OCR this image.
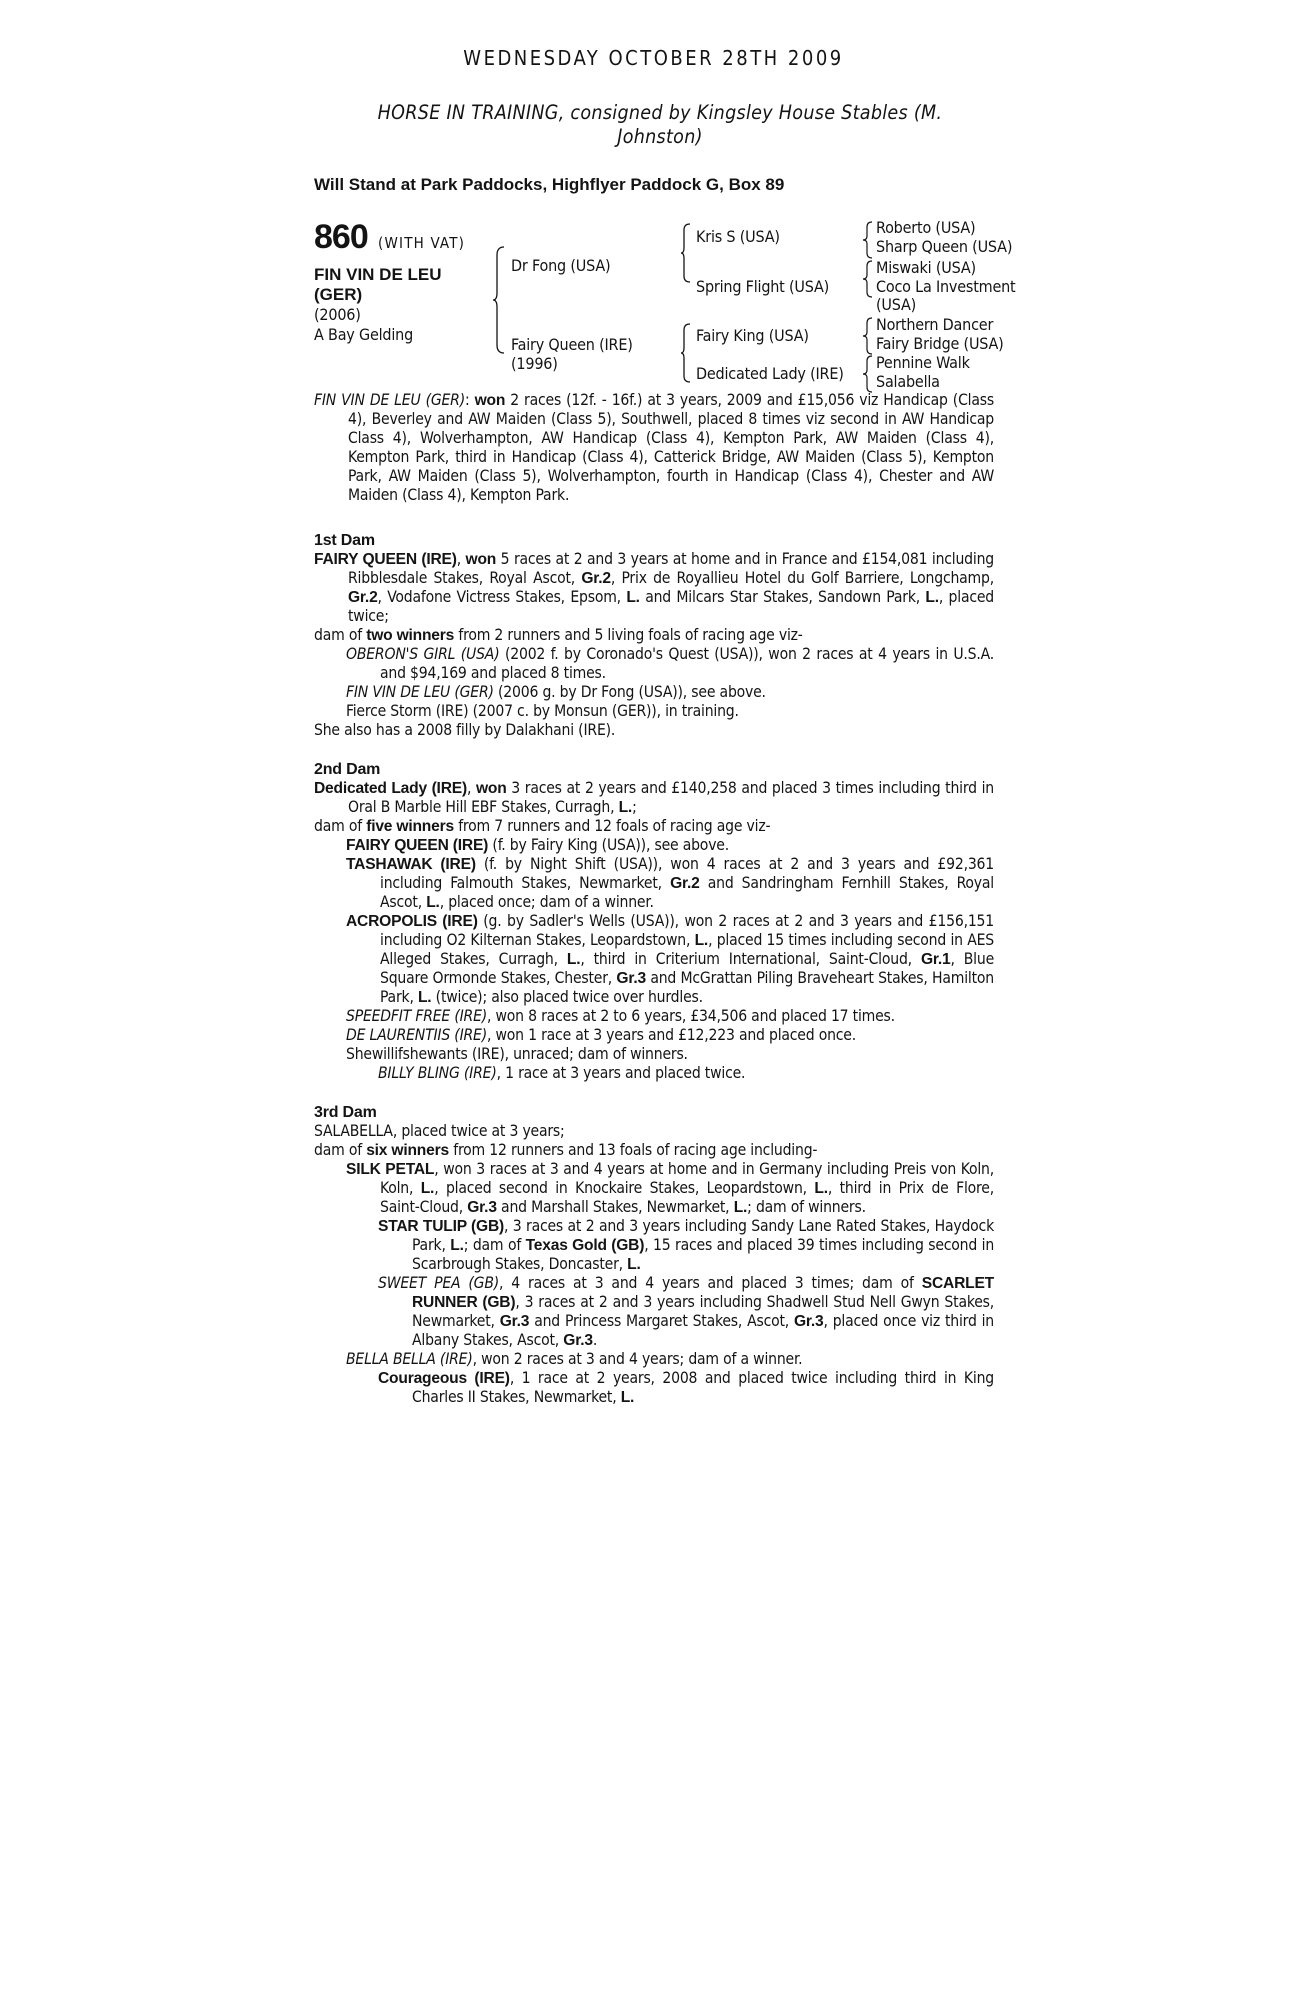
WEDNESDAY OCTOBER 28TH 2009
HORSE IN TRAINING, consigned by Kingsley House Stables (M. Johnston)
Will Stand at Park Paddocks, Highflyer Paddock G, Box 89
860 (WITH VAT)
FIN VIN DE LEU (GER)
(2006)
A Bay Gelding
Dr Fong (USA)
Fairy Queen (IRE)
(1996)
Kris S (USA)
Spring Flight (USA)
Fairy King (USA)
Dedicated Lady (IRE)
Roberto (USA)
Sharp Queen (USA)
Miswaki (USA)
Coco La Investment
(USA)
Northern Dancer
Fairy Bridge (USA)
Pennine Walk
Salabella
FIN VIN DE LEU (GER): won 2 races (12f. - 16f.) at 3 years, 2009 and £15,056 viz Handicap (Class 4), Beverley and AW Maiden (Class 5), Southwell, placed 8 times viz second in AW Handicap Class 4), Wolverhampton, AW Handicap (Class 4), Kempton Park, AW Maiden (Class 4), Kempton Park, third in Handicap (Class 4), Catterick Bridge, AW Maiden (Class 5), Kempton Park, AW Maiden (Class 5), Wolverhampton, fourth in Handicap (Class 4), Chester and AW Maiden (Class 4), Kempton Park.
1st Dam
FAIRY QUEEN (IRE), won 5 races at 2 and 3 years at home and in France and £154,081 including Ribblesdale Stakes, Royal Ascot, Gr.2, Prix de Royallieu Hotel du Golf Barriere, Longchamp, Gr.2, Vodafone Victress Stakes, Epsom, L. and Milcars Star Stakes, Sandown Park, L., placed twice;
dam of two winners from 2 runners and 5 living foals of racing age viz-
OBERON'S GIRL (USA) (2002 f. by Coronado's Quest (USA)), won 2 races at 4 years in U.S.A. and $94,169 and placed 8 times.
FIN VIN DE LEU (GER) (2006 g. by Dr Fong (USA)), see above.
Fierce Storm (IRE) (2007 c. by Monsun (GER)), in training.
She also has a 2008 filly by Dalakhani (IRE).
2nd Dam
Dedicated Lady (IRE), won 3 races at 2 years and £140,258 and placed 3 times including third in Oral B Marble Hill EBF Stakes, Curragh, L.;
dam of five winners from 7 runners and 12 foals of racing age viz-
FAIRY QUEEN (IRE) (f. by Fairy King (USA)), see above.
TASHAWAK (IRE) (f. by Night Shift (USA)), won 4 races at 2 and 3 years and £92,361 including Falmouth Stakes, Newmarket, Gr.2 and Sandringham Fernhill Stakes, Royal Ascot, L., placed once; dam of a winner.
ACROPOLIS (IRE) (g. by Sadler's Wells (USA)), won 2 races at 2 and 3 years and £156,151 including O2 Kilternan Stakes, Leopardstown, L., placed 15 times including second in AES Alleged Stakes, Curragh, L., third in Criterium International, Saint-Cloud, Gr.1, Blue Square Ormonde Stakes, Chester, Gr.3 and McGrattan Piling Braveheart Stakes, Hamilton Park, L. (twice); also placed twice over hurdles.
SPEEDFIT FREE (IRE), won 8 races at 2 to 6 years, £34,506 and placed 17 times.
DE LAURENTIIS (IRE), won 1 race at 3 years and £12,223 and placed once.
Shewillifshewants (IRE), unraced; dam of winners.
BILLY BLING (IRE), 1 race at 3 years and placed twice.
3rd Dam
SALABELLA, placed twice at 3 years;
dam of six winners from 12 runners and 13 foals of racing age including-
SILK PETAL, won 3 races at 3 and 4 years at home and in Germany including Preis von Koln, Koln, L., placed second in Knockaire Stakes, Leopardstown, L., third in Prix de Flore, Saint-Cloud, Gr.3 and Marshall Stakes, Newmarket, L.; dam of winners.
STAR TULIP (GB), 3 races at 2 and 3 years including Sandy Lane Rated Stakes, Haydock Park, L.; dam of Texas Gold (GB), 15 races and placed 39 times including second in Scarbrough Stakes, Doncaster, L.
SWEET PEA (GB), 4 races at 3 and 4 years and placed 3 times; dam of SCARLET RUNNER (GB), 3 races at 2 and 3 years including Shadwell Stud Nell Gwyn Stakes, Newmarket, Gr.3 and Princess Margaret Stakes, Ascot, Gr.3, placed once viz third in Albany Stakes, Ascot, Gr.3.
BELLA BELLA (IRE), won 2 races at 3 and 4 years; dam of a winner.
Courageous (IRE), 1 race at 2 years, 2008 and placed twice including third in King Charles II Stakes, Newmarket, L.
